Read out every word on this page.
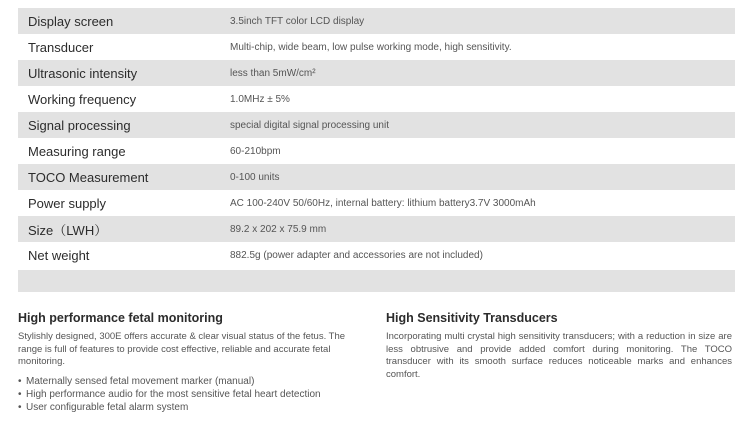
Display screen	3.5inch TFT color LCD display
Transducer	Multi-chip, wide beam, low pulse working mode, high sensitivity.
Ultrasonic intensity	less than 5mW/cm²
Working frequency	1.0MHz ± 5%
Signal processing	special digital signal processing unit
Measuring range	60-210bpm
TOCO Measurement	0-100 units
Power supply	AC 100-240V 50/60Hz, internal battery: lithium battery3.7V 3000mAh
Size（LWH）	89.2 x 202 x 75.9 mm
Net weight	882.5g (power adapter and accessories are not included)
High performance fetal monitoring

Stylishly designed, 300E offers accurate & clear visual status of the fetus. The range is full of features to provide cost effective, reliable and accurate fetal monitoring.

• Maternally sensed fetal movement marker (manual)
• High performance audio for the most sensitive fetal heart detection
• User configurable fetal alarm system
High Sensitivity Transducers

Incorporating multi crystal high sensitivity transducers; with a reduction in size are less obtrusive and provide added comfort during monitoring. The TOCO transducer with its smooth surface reduces noticeable marks and enhances comfort.
